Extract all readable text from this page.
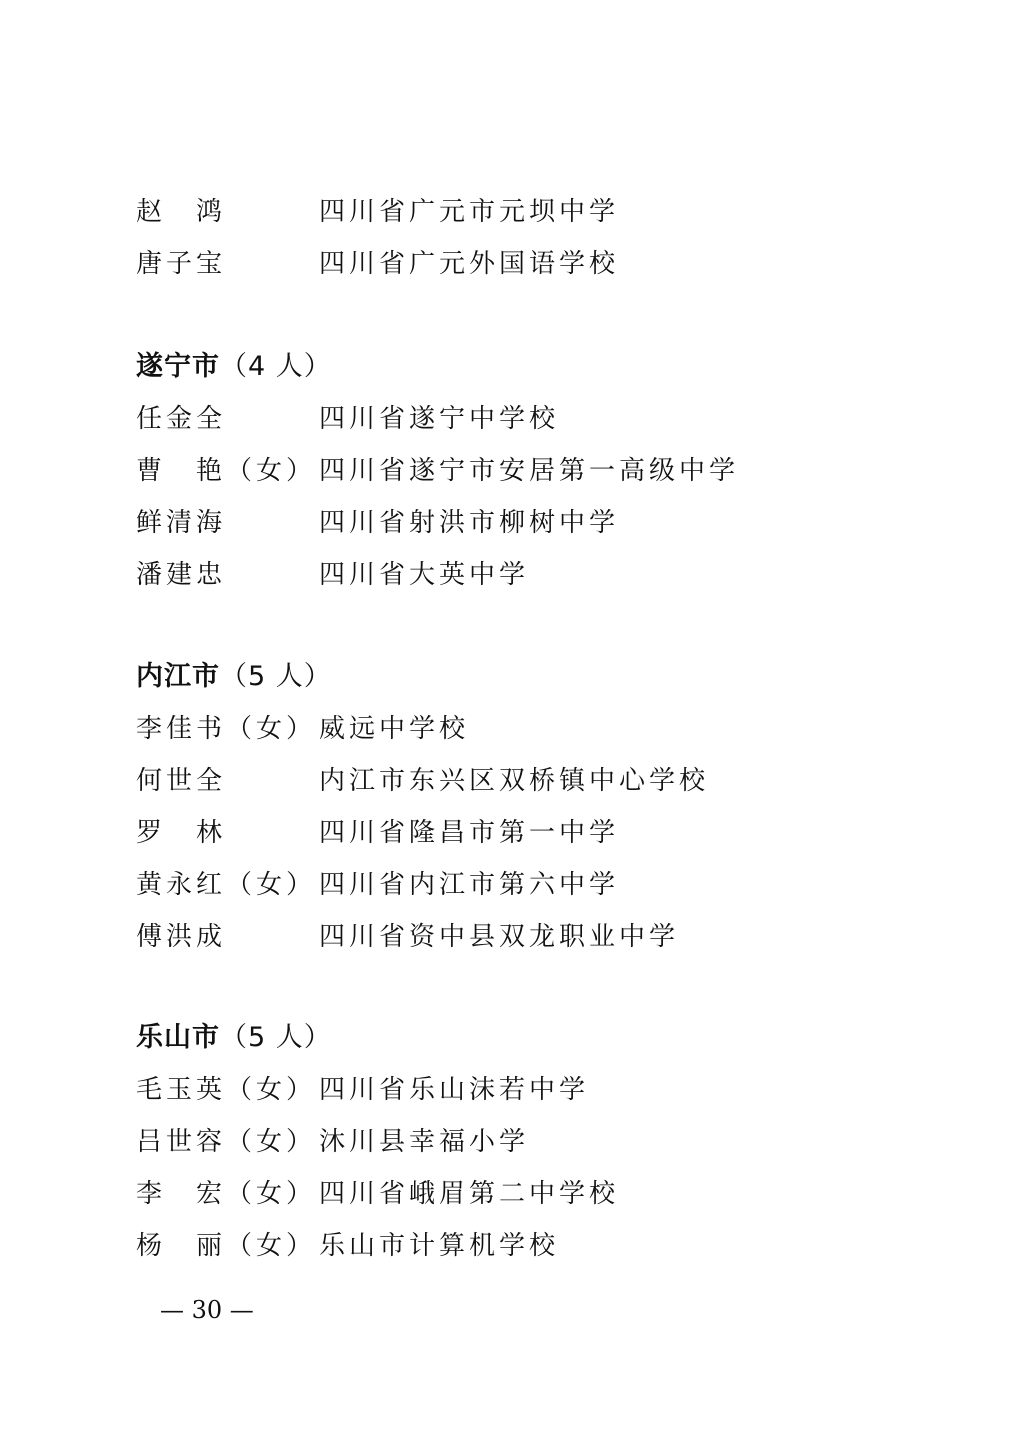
赵　鸿	四川省广元市元坝中学
唐子宝	四川省广元外国语学校
遂宁市（4 人）
任金全	四川省遂宁中学校
曹　艳（女） 四川省遂宁市安居第一高级中学
鲜清海	四川省射洪市柳树中学
潘建忠	四川省大英中学
内江市（5 人）
李佳书（女） 威远中学校
何世全	内江市东兴区双桥镇中心学校
罗　林	四川省隆昌市第一中学
黄永红（女） 四川省内江市第六中学
傅洪成	四川省资中县双龙职业中学
乐山市（5 人）
毛玉英（女） 四川省乐山沫若中学
吕世容（女） 沐川县幸福小学
李　宏（女） 四川省峨眉第二中学校
杨　丽（女） 乐山市计算机学校
— 30 —
